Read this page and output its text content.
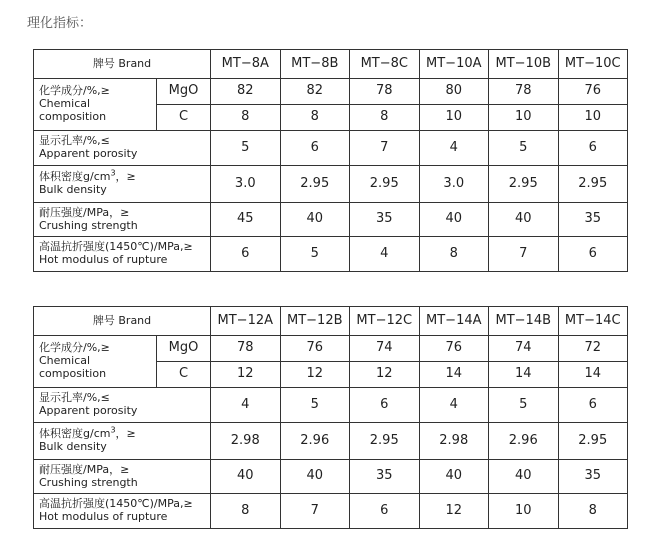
理化指标：
牌号 Brand		MT−8A	MT−8B	MT−8C	MT−10A	MT−10B	MT−10C

化学成分/%,≥
Chemical
composition	MgO	82	82	78	80	78	76
	C	8	8	8	10	10	10

显示孔率/%,≤
Apparent porosity		5	6	7	4	5	6

体积密度$g/cm^3$，≥
Bulk density		3.0	2.95	2.95	3.0	2.95	2.95

耐压强度/MPa，≥
Crushing strength		45	40	35	40	40	35

高温抗折强度(1450℃)/MPa,≥
Hot modulus of rupture		6	5	4	8	7	6
牌号 Brand		MT−12A	MT−12B	MT−12C	MT−14A	MT−14B	MT−14C

化学成分/%,≥
Chemical
composition	MgO	78	76	74	76	74	72
	C	12	12	12	14	14	14

显示孔率/%,≤
Apparent porosity		4	5	6	4	5	6

体积密度$g/cm^3$，≥
Bulk density		2.98	2.96	2.95	2.98	2.96	2.95

耐压强度/MPa，≥
Crushing strength		40	40	35	40	40	35

高温抗折强度(1450℃)/MPa,≥
Hot modulus of rupture		8	7	6	12	10	8
